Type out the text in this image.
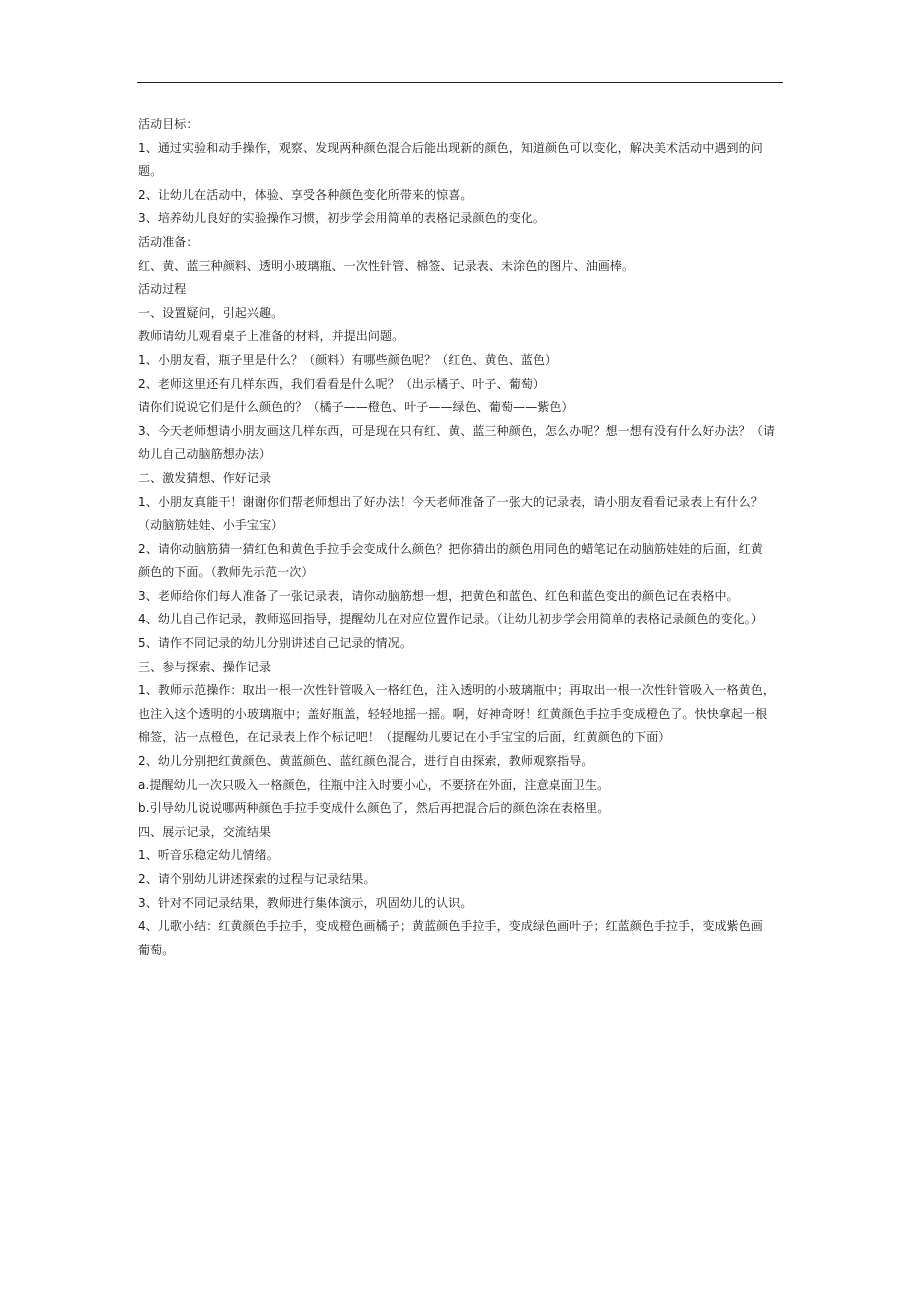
活动目标：
1、通过实验和动手操作，观察、发现两种颜色混合后能出现新的颜色，知道颜色可以变化，解决美术活动中遇到的问
题。
2、让幼儿在活动中，体验、享受各种颜色变化所带来的惊喜。
3、培养幼儿良好的实验操作习惯，初步学会用简单的表格记录颜色的变化。
活动准备：
红、黄、蓝三种颜料、透明小玻璃瓶、一次性针管、棉签、记录表、未涂色的图片、油画棒。
活动过程
一、设置疑问，引起兴趣。
教师请幼儿观看桌子上准备的材料，并提出问题。
1、小朋友看，瓶子里是什么？（颜料）有哪些颜色呢？（红色、黄色、蓝色）
2、老师这里还有几样东西，我们看看是什么呢？（出示橘子、叶子、葡萄）
请你们说说它们是什么颜色的？（橘子——橙色、叶子——绿色、葡萄——紫色）
3、今天老师想请小朋友画这几样东西，可是现在只有红、黄、蓝三种颜色，怎么办呢？想一想有没有什么好办法？（请
幼儿自己动脑筋想办法）
二、激发猜想、作好记录
1、小朋友真能干！谢谢你们帮老师想出了好办法！今天老师准备了一张大的记录表，请小朋友看看记录表上有什么？
（动脑筋娃娃、小手宝宝）
2、请你动脑筋猜一猜红色和黄色手拉手会变成什么颜色？把你猜出的颜色用同色的蜡笔记在动脑筋娃娃的后面，红黄
颜色的下面。（教师先示范一次）
3、老师给你们每人准备了一张记录表，请你动脑筋想一想，把黄色和蓝色、红色和蓝色变出的颜色记在表格中。
4、幼儿自己作记录，教师巡回指导，提醒幼儿在对应位置作记录。（让幼儿初步学会用简单的表格记录颜色的变化。）
5、请作不同记录的幼儿分别讲述自己记录的情况。
三、参与探索、操作记录
1、教师示范操作：取出一根一次性针管吸入一格红色，注入透明的小玻璃瓶中；再取出一根一次性针管吸入一格黄色，
也注入这个透明的小玻璃瓶中；盖好瓶盖，轻轻地摇一摇。啊，好神奇呀！红黄颜色手拉手变成橙色了。快快拿起一根
棉签，沾一点橙色，在记录表上作个标记吧！（提醒幼儿要记在小手宝宝的后面，红黄颜色的下面）
2、幼儿分别把红黄颜色、黄蓝颜色、蓝红颜色混合，进行自由探索，教师观察指导。
a.提醒幼儿一次只吸入一格颜色，往瓶中注入时要小心，不要挤在外面，注意桌面卫生。
b.引导幼儿说说哪两种颜色手拉手变成什么颜色了，然后再把混合后的颜色涂在表格里。
四、展示记录，交流结果
1、听音乐稳定幼儿情绪。
2、请个别幼儿讲述探索的过程与记录结果。
3、针对不同记录结果，教师进行集体演示，巩固幼儿的认识。
4、儿歌小结：红黄颜色手拉手，变成橙色画橘子；黄蓝颜色手拉手，变成绿色画叶子；红蓝颜色手拉手，变成紫色画
葡萄。
